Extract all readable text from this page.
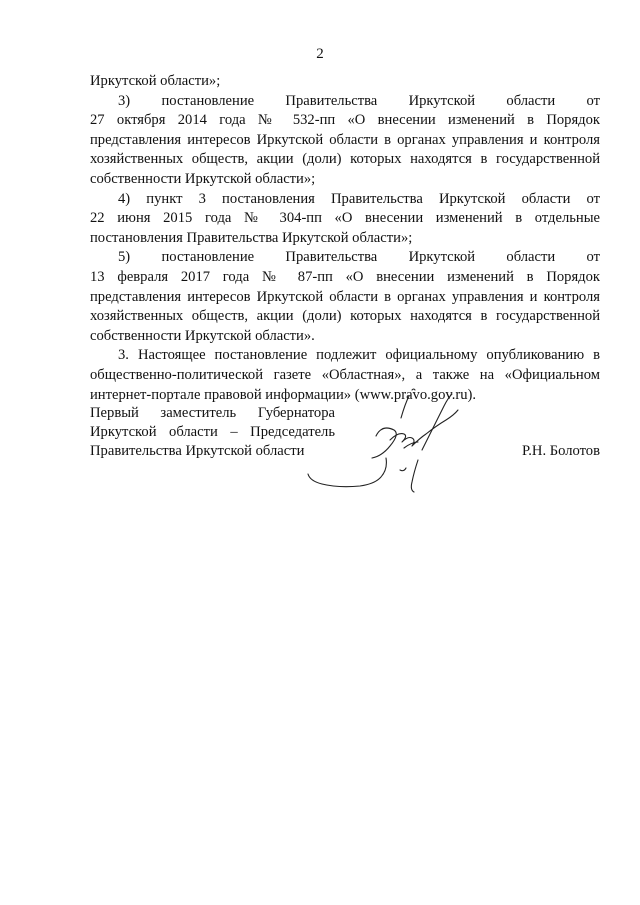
2
Иркутской области»;
3) постановление Правительства Иркутской области от
27 октября 2014 года № 532-пп «О внесении изменений в Порядок
представления интересов Иркутской области в органах управления и контроля
хозяйственных обществ, акции (доли) которых находятся в государственной
собственности Иркутской области»;
4) пункт 3 постановления Правительства Иркутской области от
22 июня 2015 года № 304-пп «О внесении изменений в отдельные
постановления Правительства Иркутской области»;
5) постановление Правительства Иркутской области от
13 февраля 2017 года № 87-пп «О внесении изменений в Порядок
представления интересов Иркутской области в органах управления и контроля
хозяйственных обществ, акции (доли) которых находятся в государственной
собственности Иркутской области».
3. Настоящее постановление подлежит официальному опубликованию в
общественно-политической газете «Областная», а также на «Официальном
интернет-портале правовой информации» (www.pravo.gov.ru).
Первый заместитель Губернатора
Иркутской области – Председатель
Правительства Иркутской области	Р.Н. Болотов
